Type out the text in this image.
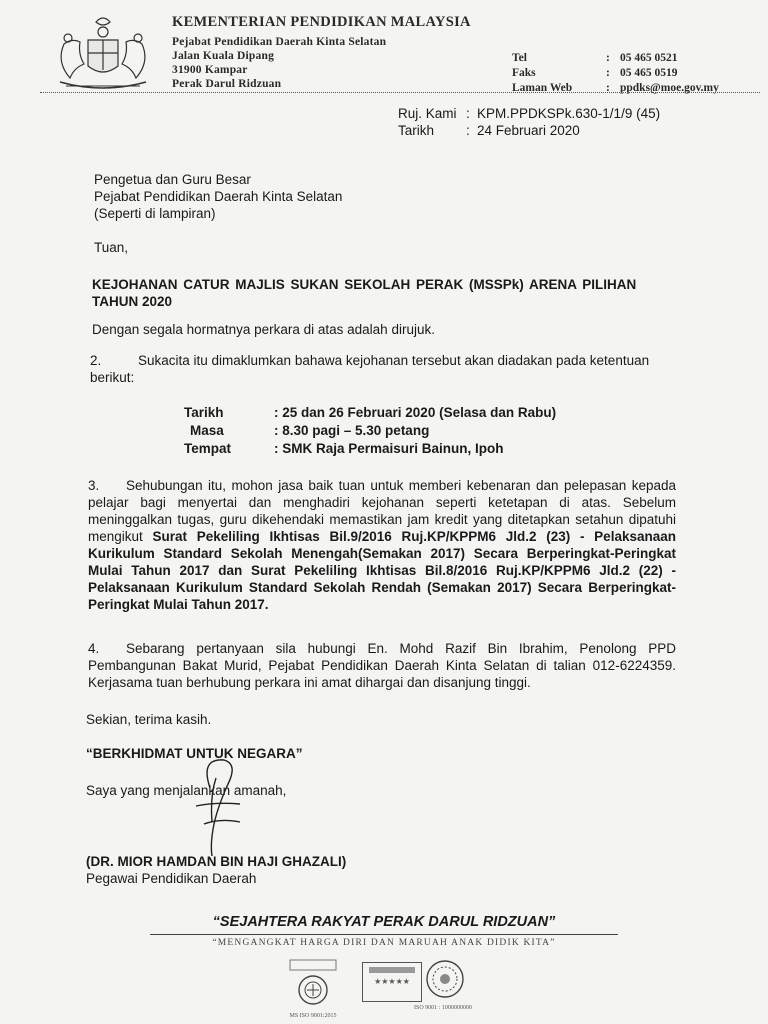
KEMENTERIAN PENDIDIKAN MALAYSIA
Pejabat Pendidikan Daerah Kinta Selatan
Jalan Kuala Dipang
31900 Kampar
Perak Darul Ridzuan
Tel	: 05 465 0521
Faks	: 05 465 0519
Laman Web	: ppdks@moe.gov.my
Ruj. Kami : KPM.PPDKSPk.630-1/1/9 (45)
Tarikh : 24 Februari 2020
Pengetua dan Guru Besar
Pejabat Pendidikan Daerah Kinta Selatan
(Seperti di lampiran)
Tuan,
KEJOHANAN CATUR MAJLIS SUKAN SEKOLAH PERAK (MSSPk) ARENA PILIHAN
TAHUN 2020
Dengan segala hormatnya perkara di atas adalah dirujuk.
2.	Sukacita itu dimaklumkan bahawa kejohanan tersebut akan diadakan pada ketentuan
berikut:
Tarikh	: 25 dan 26 Februari 2020 (Selasa dan Rabu)
Masa	: 8.30 pagi – 5.30 petang
Tempat	: SMK Raja Permaisuri Bainun, Ipoh
3. Sehubungan itu, mohon jasa baik tuan untuk memberi kebenaran dan pelepasan kepada pelajar bagi menyertai dan menghadiri kejohanan seperti ketetapan di atas. Sebelum meninggalkan tugas, guru dikehendaki memastikan jam kredit yang ditetapkan setahun dipatuhi mengikut Surat Pekeliling Ikhtisas Bil.9/2016 Ruj.KP/KPPM6 Jld.2 (23) - Pelaksanaan Kurikulum Standard Sekolah Menengah(Semakan 2017) Secara Berperingkat-Peringkat Mulai Tahun 2017 dan Surat Pekeliling Ikhtisas Bil.8/2016 Ruj.KP/KPPM6 Jld.2 (22) - Pelaksanaan Kurikulum Standard Sekolah Rendah (Semakan 2017) Secara Berperingkat-Peringkat Mulai Tahun 2017.
4. Sebarang pertanyaan sila hubungi En. Mohd Razif Bin Ibrahim, Penolong PPD Pembangunan Bakat Murid, Pejabat Pendidikan Daerah Kinta Selatan di talian 012-6224359. Kerjasama tuan berhubung perkara ini amat dihargai dan disanjung tinggi.
Sekian, terima kasih.
“BERKHIDMAT UNTUK NEGARA”
Saya yang menjalankan amanah,
(DR. MIOR HAMDAN BIN HAJI GHAZALI)
Pegawai Pendidikan Daerah
“SEJAHTERA RAKYAT PERAK DARUL RIDZUAN”
“MENGANGKAT HARGA DIRI DAN MARUAH ANAK DIDIK KITA”
MS ISO 9001:2015
★★★★★
ISO 9001 : 1000000000
